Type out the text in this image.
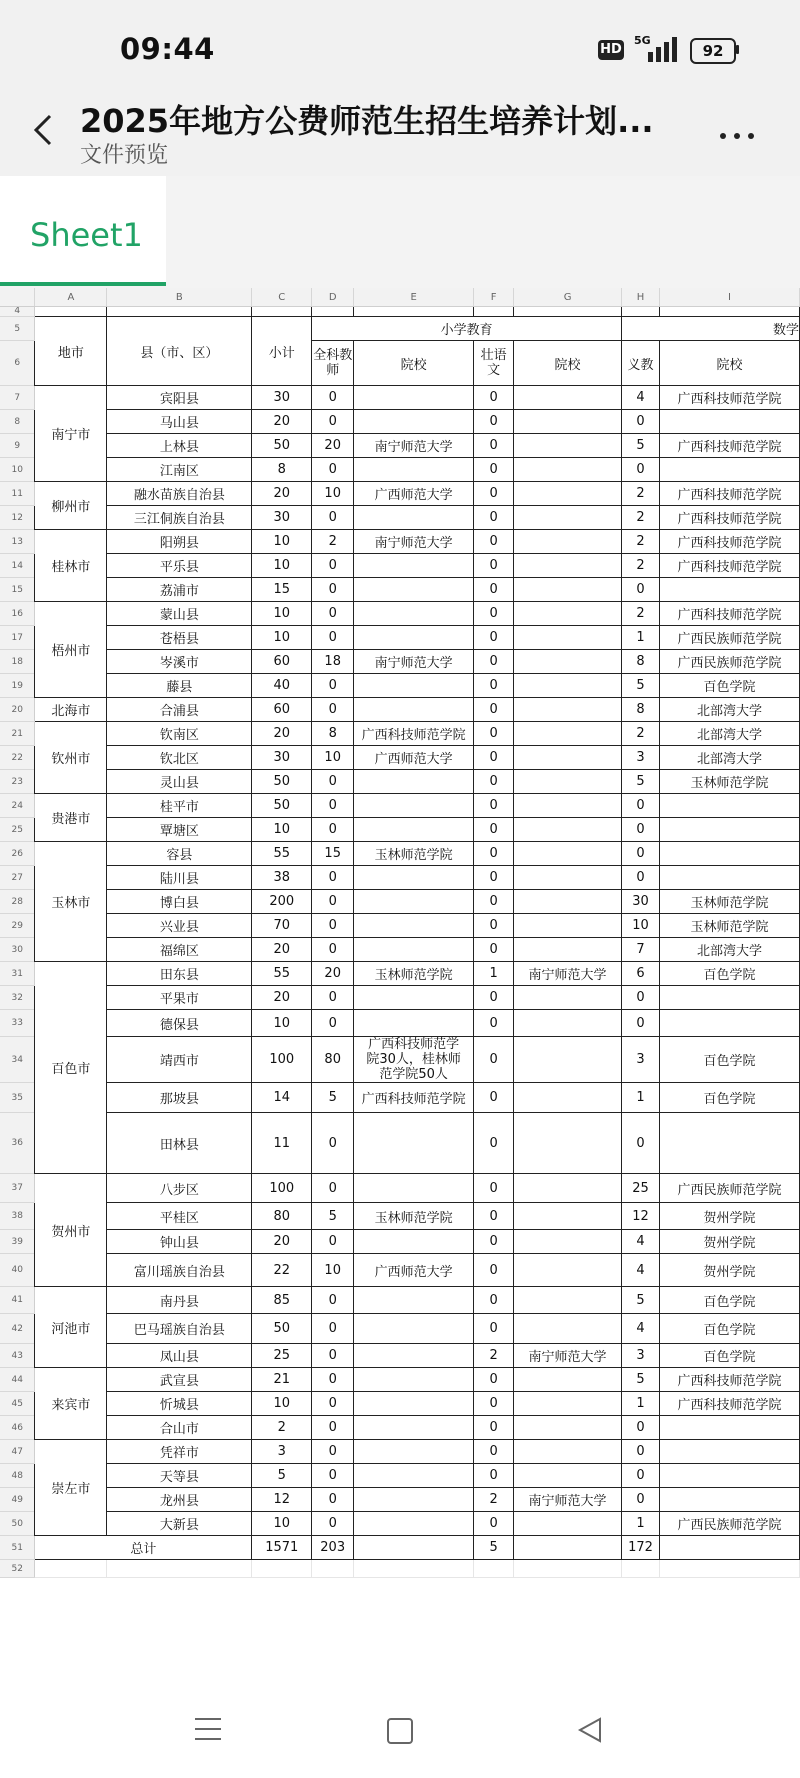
09:44	HD
5G
92
2025年地方公费师范生招生培养计划...
文件预览
Sheet1
	A	B	C	D	E	F	G	H	I
4									
5	地市	县（市、区）	小计	小学教育				数学	
6				全科教师	院校	壮语文	院校	义教	院校
7	南宁市	宾阳县	30	0		0		4	广西科技师范学院
8		马山县	20	0		0		0	
9		上林县	50	20	南宁师范大学	0		5	广西科技师范学院
10		江南区	8	0		0		0	
11	柳州市	融水苗族自治县	20	10	广西师范大学	0		2	广西科技师范学院
12		三江侗族自治县	30	0		0		2	广西科技师范学院
13	桂林市	阳朔县	10	2	南宁师范大学	0		2	广西科技师范学院
14		平乐县	10	0		0		2	广西科技师范学院
15		荔浦市	15	0		0		0	
16	梧州市	蒙山县	10	0		0		2	广西科技师范学院
17		苍梧县	10	0		0		1	广西民族师范学院
18		岑溪市	60	18	南宁师范大学	0		8	广西民族师范学院
19		藤县	40	0		0		5	百色学院
20	北海市	合浦县	60	0		0		8	北部湾大学
21	钦州市	钦南区	20	8	广西科技师范学院	0		2	北部湾大学
22		钦北区	30	10	广西师范大学	0		3	北部湾大学
23		灵山县	50	0		0		5	玉林师范学院
24	贵港市	桂平市	50	0		0		0	
25		覃塘区	10	0		0		0	
26	玉林市	容县	55	15	玉林师范学院	0		0	
27		陆川县	38	0		0		0	
28		博白县	200	0		0		30	玉林师范学院
29		兴业县	70	0		0		10	玉林师范学院
30		福绵区	20	0		0		7	北部湾大学
31	百色市	田东县	55	20	玉林师范学院	1	南宁师范大学	6	百色学院
32		平果市	20	0		0		0	
33		德保县	10	0		0		0	
34		靖西市	100	80	广西科技师范学院30人，桂林师范学院50人	0		3	百色学院
35		那坡县	14	5	广西科技师范学院	0		1	百色学院
36		田林县	11	0		0		0	
37	贺州市	八步区	100	0		0		25	广西民族师范学院
38		平桂区	80	5	玉林师范学院	0		12	贺州学院
39		钟山县	20	0		0		4	贺州学院
40		富川瑶族自治县	22	10	广西师范大学	0		4	贺州学院
41	河池市	南丹县	85	0		0		5	百色学院
42		巴马瑶族自治县	50	0		0		4	百色学院
43		凤山县	25	0		2	南宁师范大学	3	百色学院
44	来宾市	武宣县	21	0		0		5	广西科技师范学院
45		忻城县	10	0		0		1	广西科技师范学院
46		合山市	2	0		0		0	
47	崇左市	凭祥市	3	0		0		0	
48		天等县	5	0		0		0	
49		龙州县	12	0		2	南宁师范大学	0	
50		大新县	10	0		0		1	广西民族师范学院
51	总计		1571	203		5		172	
52									
